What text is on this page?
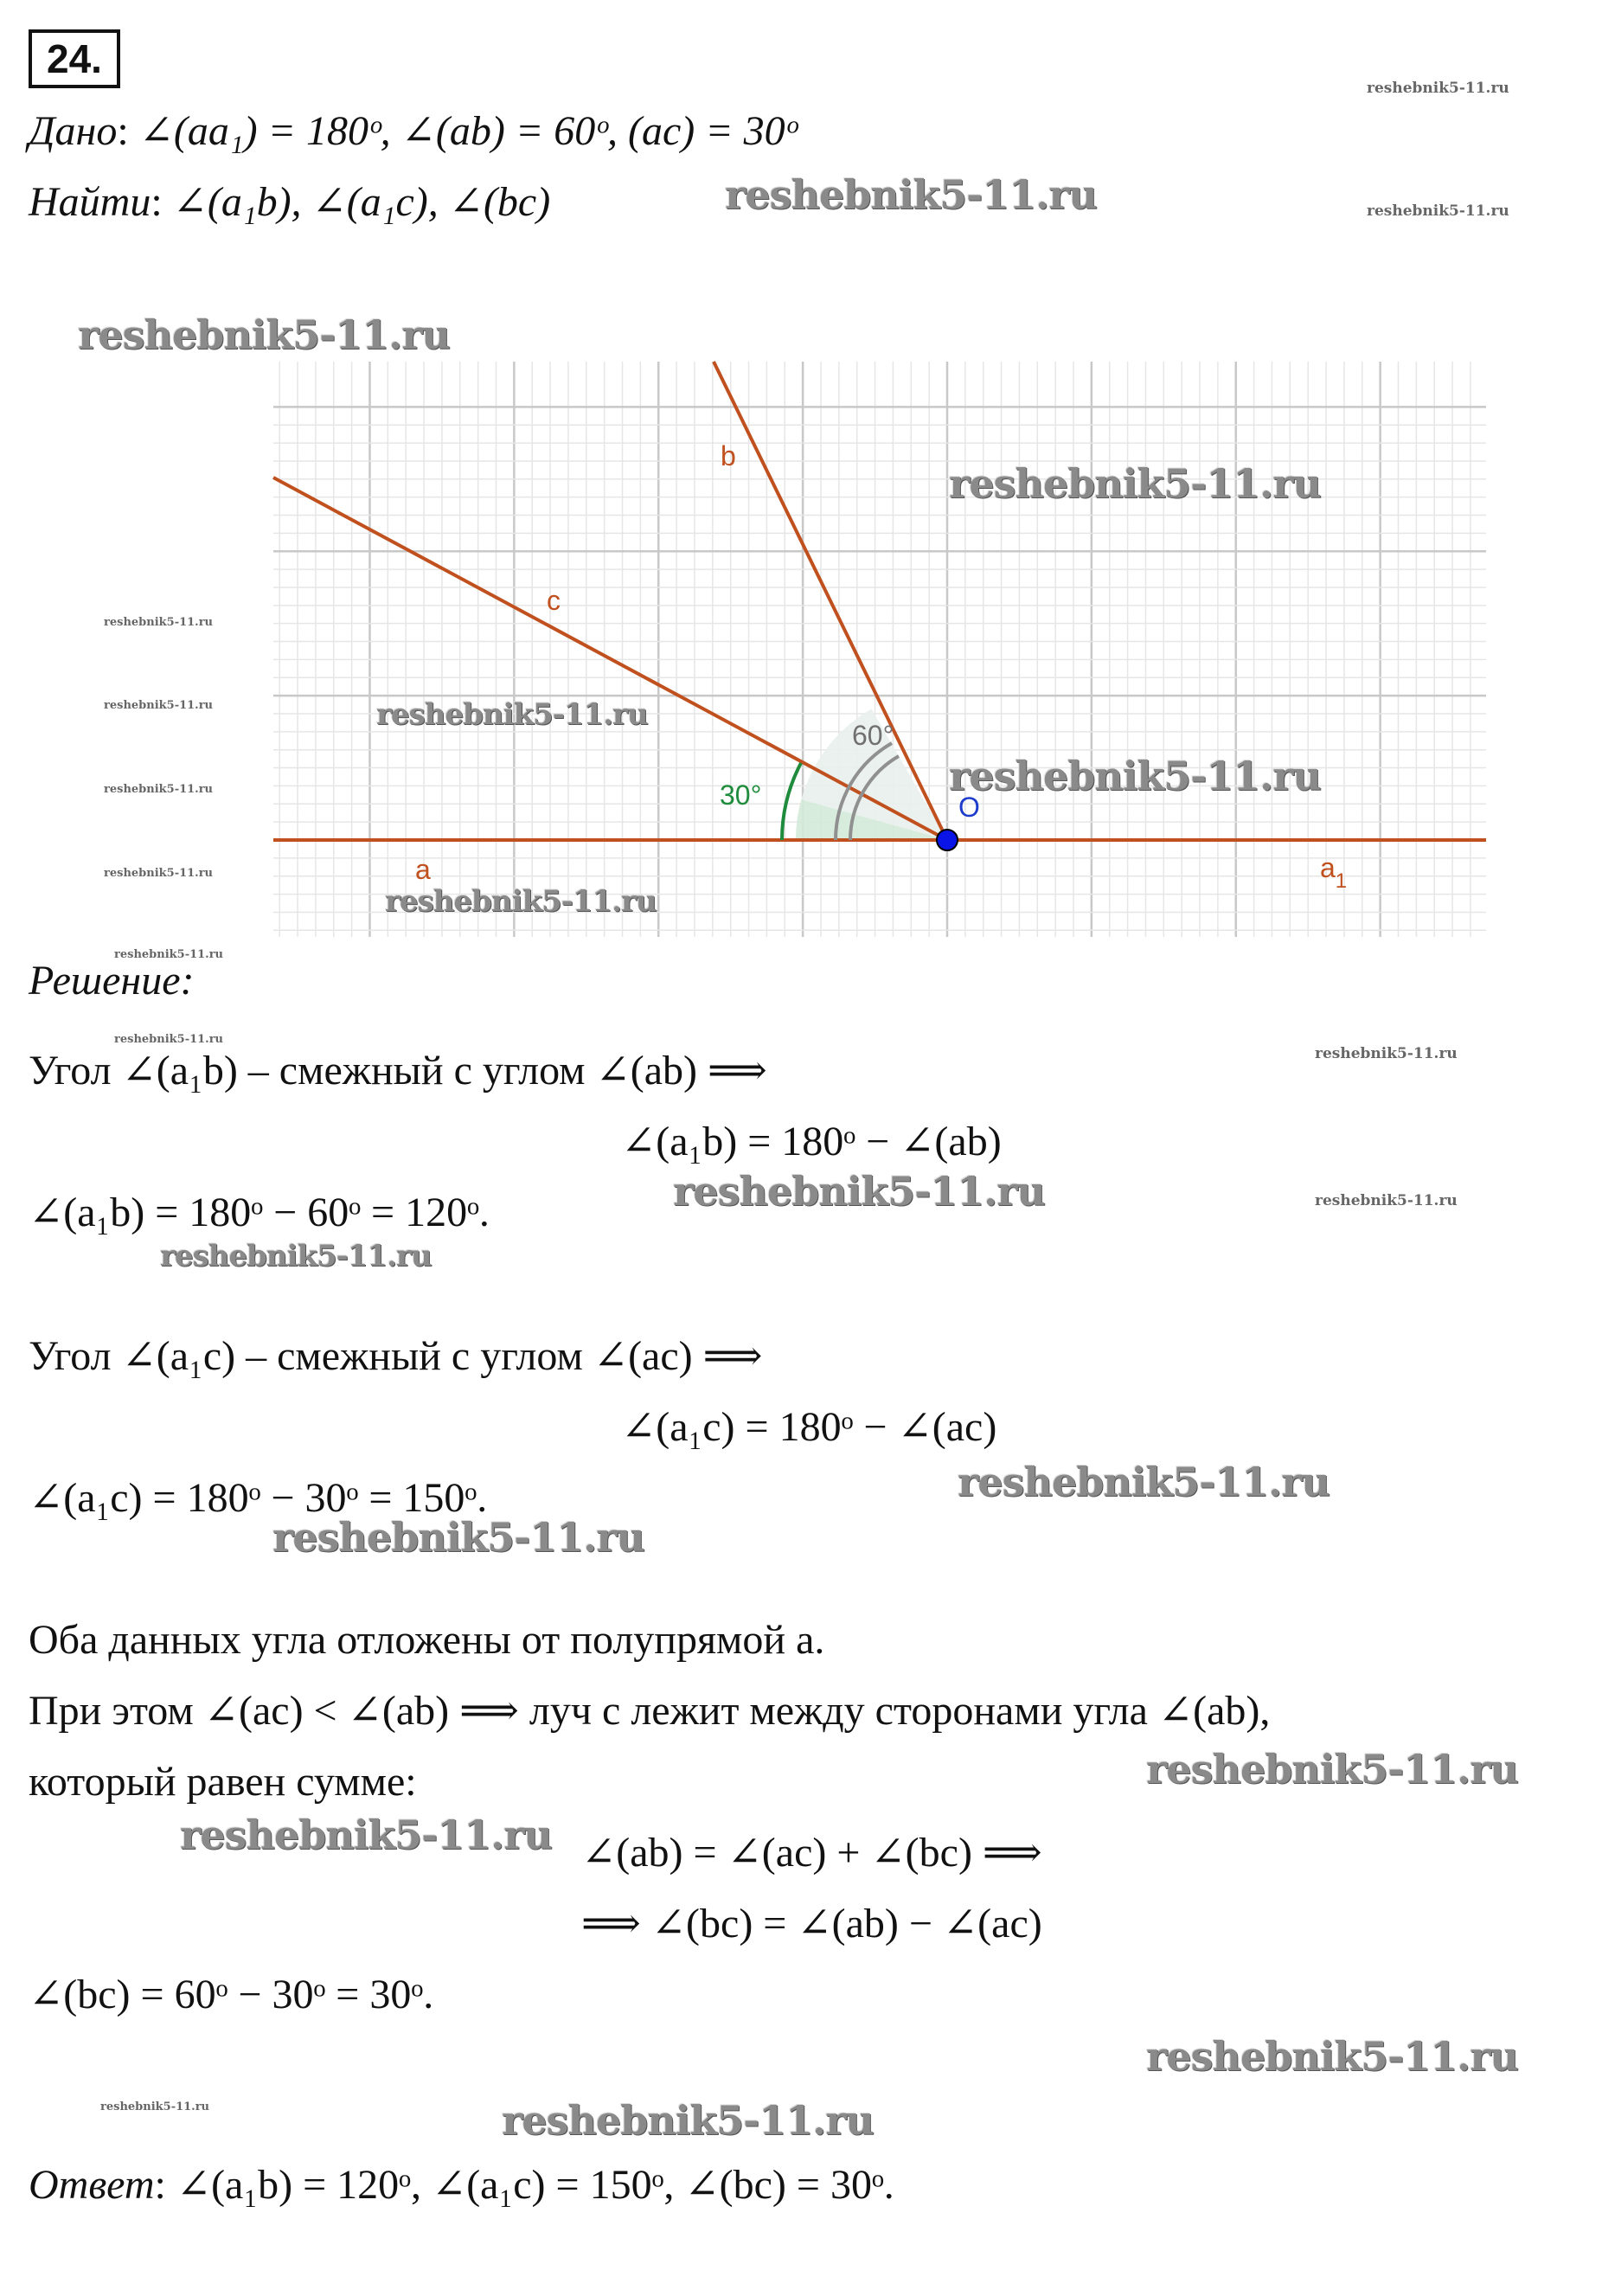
24.
Дано: ∠(aa₁) = 180ᵒ, ∠(ab) = 60ᵒ, (ac) = 30ᵒ
Найти: ∠(a₁b), ∠(a₁c), ∠(bc)
b
c
a	$a_1$
O
30°
60°
Решение:
Угол ∠(a₁b) – смежный с углом ∠(ab) ⟹
∠(a₁b) = 180ᵒ − ∠(ab)
∠(a₁b) = 180ᵒ − 60ᵒ = 120ᵒ.
Угол ∠(a₁c) – смежный с углом ∠(ac) ⟹
∠(a₁c) = 180ᵒ − ∠(ac)
∠(a₁c) = 180ᵒ − 30ᵒ = 150ᵒ.
Оба данных угла отложены от полупрямой a.
При этом ∠(ac) < ∠(ab) ⟹ луч c лежит между сторонами угла ∠(ab),
который равен сумме:
∠(ab) = ∠(ac) + ∠(bc) ⟹
⟹ ∠(bc) = ∠(ab) − ∠(ac)
∠(bc) = 60ᵒ − 30ᵒ = 30ᵒ.
Ответ: ∠(a₁b) = 120ᵒ, ∠(a₁c) = 150ᵒ, ∠(bc) = 30ᵒ.
reshebnik5-11.ru
reshebnik5-11.ru
reshebnik5-11.ru
reshebnik5-11.ru
reshebnik5-11.ru
reshebnik5-11.ru
reshebnik5-11.ru
reshebnik5-11.ru
reshebnik5-11.ru
reshebnik5-11.ru
reshebnik5-11.ru
reshebnik5-11.ru
reshebnik5-11.ru
reshebnik5-11.ru
reshebnik5-11.ru
reshebnik5-11.ru
reshebnik5-11.ru
reshebnik5-11.ru
reshebnik5-11.ru
reshebnik5-11.ru
reshebnik5-11.ru
reshebnik5-11.ru
reshebnik5-11.ru
reshebnik5-11.ru
reshebnik5-11.ru
